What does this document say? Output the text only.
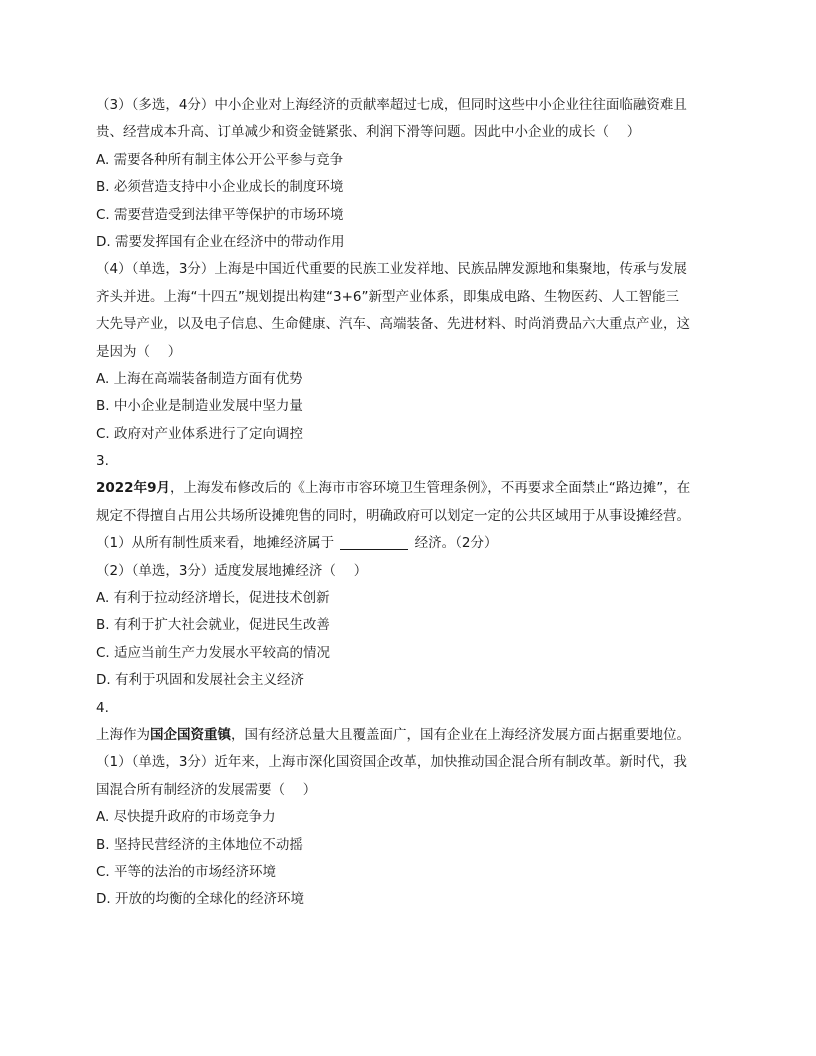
（3）（多选，4分）中小企业对上海经济的贡献率超过七成，但同时这些中小企业往往面临融资难且
贵、经营成本升高、订单减少和资金链紧张、利润下滑等问题。因此中小企业的成长（　 ）
A. 需要各种所有制主体公开公平参与竞争
B. 必须营造支持中小企业成长的制度环境
C. 需要营造受到法律平等保护的市场环境
D. 需要发挥国有企业在经济中的带动作用
（4）（单选，3分）上海是中国近代重要的民族工业发祥地、民族品牌发源地和集聚地，传承与发展
齐头并进。上海“十四五”规划提出构建“3+6”新型产业体系，即集成电路、生物医药、人工智能三
大先导产业，以及电子信息、生命健康、汽车、高端装备、先进材料、时尚消费品六大重点产业，这
是因为（　 ）
A. 上海在高端装备制造方面有优势
B. 中小企业是制造业发展中坚力量
C. 政府对产业体系进行了定向调控
3.
2022年9月，上海发布修改后的《上海市市容环境卫生管理条例》，不再要求全面禁止“路边摊”，在
规定不得擅自占用公共场所设摊兜售的同时，明确政府可以划定一定的公共区域用于从事设摊经营。
（1）从所有制性质来看，地摊经济属于	经济。（2分）
（2）（单选，3分）适度发展地摊经济（　 ）
A. 有利于拉动经济增长，促进技术创新
B. 有利于扩大社会就业，促进民生改善
C. 适应当前生产力发展水平较高的情况
D. 有利于巩固和发展社会主义经济
4.
上海作为国企国资重镇，国有经济总量大且覆盖面广，国有企业在上海经济发展方面占据重要地位。
（1）（单选，3分）近年来，上海市深化国资国企改革，加快推动国企混合所有制改革。新时代，我
国混合所有制经济的发展需要（　 ）
A. 尽快提升政府的市场竞争力
B. 坚持民营经济的主体地位不动摇
C. 平等的法治的市场经济环境
D. 开放的均衡的全球化的经济环境
